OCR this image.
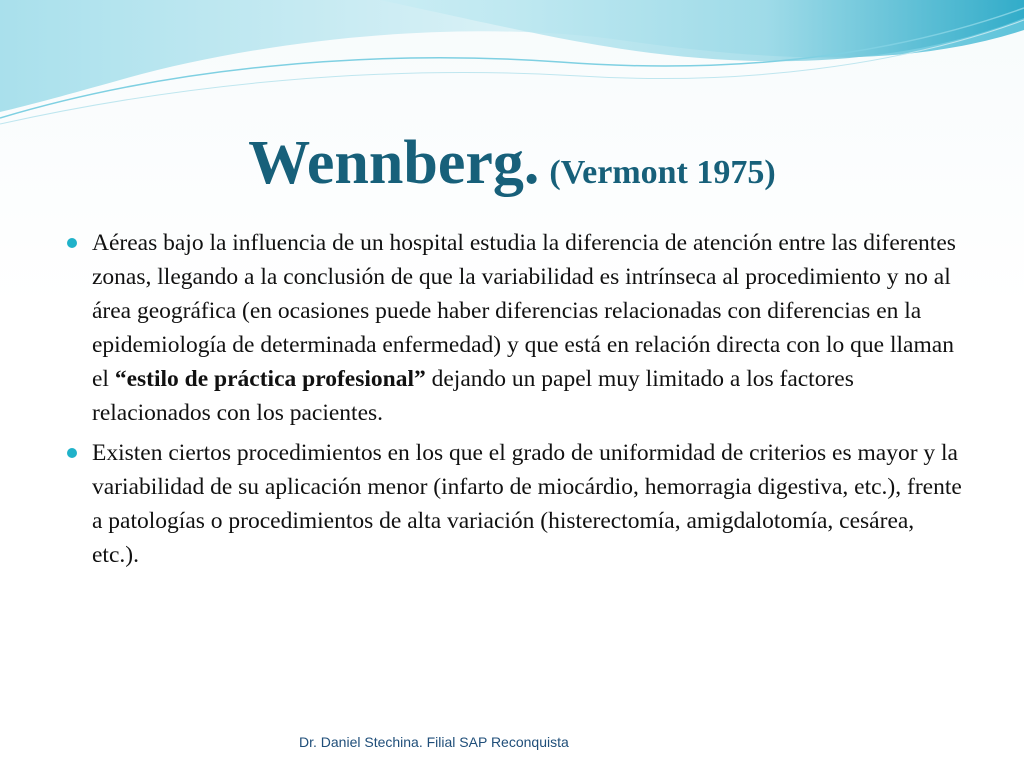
Wennberg. (Vermont 1975)
Aéreas bajo la influencia de un hospital estudia la diferencia de atención entre las diferentes zonas, llegando a la conclusión de que la variabilidad es intrínseca al procedimiento y no al área geográfica (en ocasiones puede haber diferencias relacionadas con diferencias en la epidemiología de determinada enfermedad) y que está en relación directa con lo que llaman el “estilo de práctica profesional” dejando un papel muy limitado a los factores relacionados con los pacientes.
Existen ciertos procedimientos en los que el grado de uniformidad de criterios es mayor y la variabilidad de su aplicación menor (infarto de miocárdio, hemorragia digestiva, etc.), frente a patologías o procedimientos de alta variación (histerectomía, amigdalotomía, cesárea, etc.).
Dr. Daniel Stechina. Filial SAP Reconquista
